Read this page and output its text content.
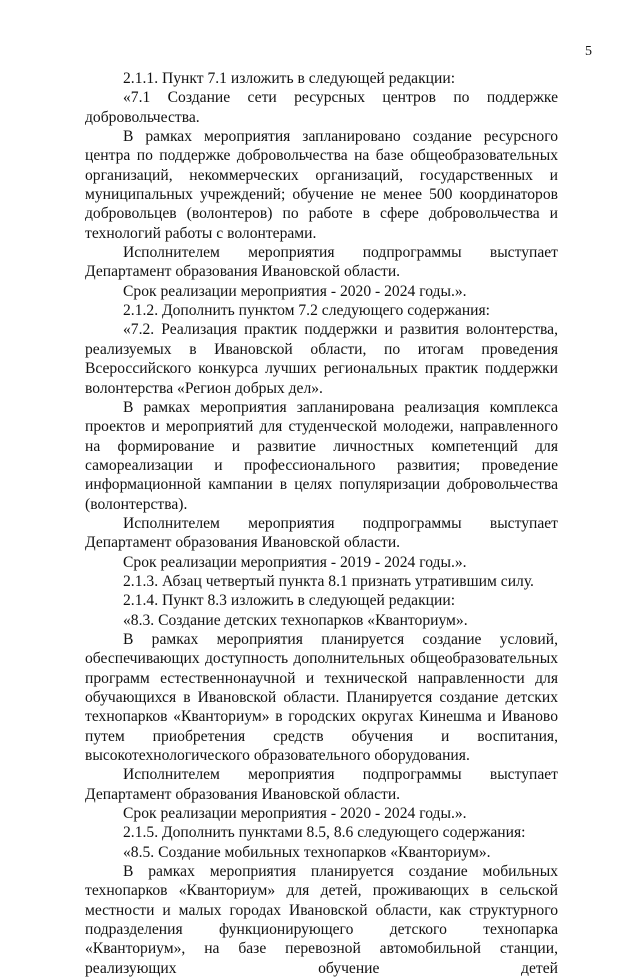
5

2.1.1. Пункт 7.1 изложить в следующей редакции:

«7.1 Создание сети ресурсных центров по поддержке добровольчества.

В рамках мероприятия запланировано создание ресурсного центра по поддержке добровольчества на базе общеобразовательных организаций, некоммерческих организаций, государственных и муниципальных учреждений; обучение не менее 500 координаторов добровольцев (волонтеров) по работе в сфере добровольчества и технологий работы с волонтерами.

Исполнителем мероприятия подпрограммы выступает Департамент образования Ивановской области.

Срок реализации мероприятия - 2020 - 2024 годы.».

2.1.2. Дополнить пунктом 7.2 следующего содержания:

«7.2. Реализация практик поддержки и развития волонтерства, реализуемых в Ивановской области, по итогам проведения Всероссийского конкурса лучших региональных практик поддержки волонтерства «Регион добрых дел».

В рамках мероприятия запланирована реализация комплекса проектов и мероприятий для студенческой молодежи, направленного на формирование и развитие личностных компетенций для самореализации и профессионального развития; проведение информационной кампании в целях популяризации добровольчества (волонтерства).

Исполнителем мероприятия подпрограммы выступает Департамент образования Ивановской области.

Срок реализации мероприятия - 2019 - 2024 годы.».

2.1.3. Абзац четвертый пункта 8.1 признать утратившим силу.

2.1.4. Пункт 8.3 изложить в следующей редакции:

«8.3. Создание детских технопарков «Кванториум».

В рамках мероприятия планируется создание условий, обеспечивающих доступность дополнительных общеобразовательных программ естественнонаучной и технической направленности для обучающихся в Ивановской области. Планируется создание детских технопарков «Кванториум» в городских округах Кинешма и Иваново путем приобретения средств обучения и воспитания, высокотехнологического образовательного оборудования.

Исполнителем мероприятия подпрограммы выступает Департамент образования Ивановской области.

Срок реализации мероприятия - 2020 - 2024 годы.».

2.1.5. Дополнить пунктами 8.5, 8.6 следующего содержания:

«8.5. Создание мобильных технопарков «Кванториум».

В рамках мероприятия планируется создание мобильных технопарков «Кванториум» для детей, проживающих в сельской местности и малых городах Ивановской области, как структурного подразделения функционирующего детского технопарка «Кванториум», на базе перевозной автомобильной станции, реализующих обучение детей
